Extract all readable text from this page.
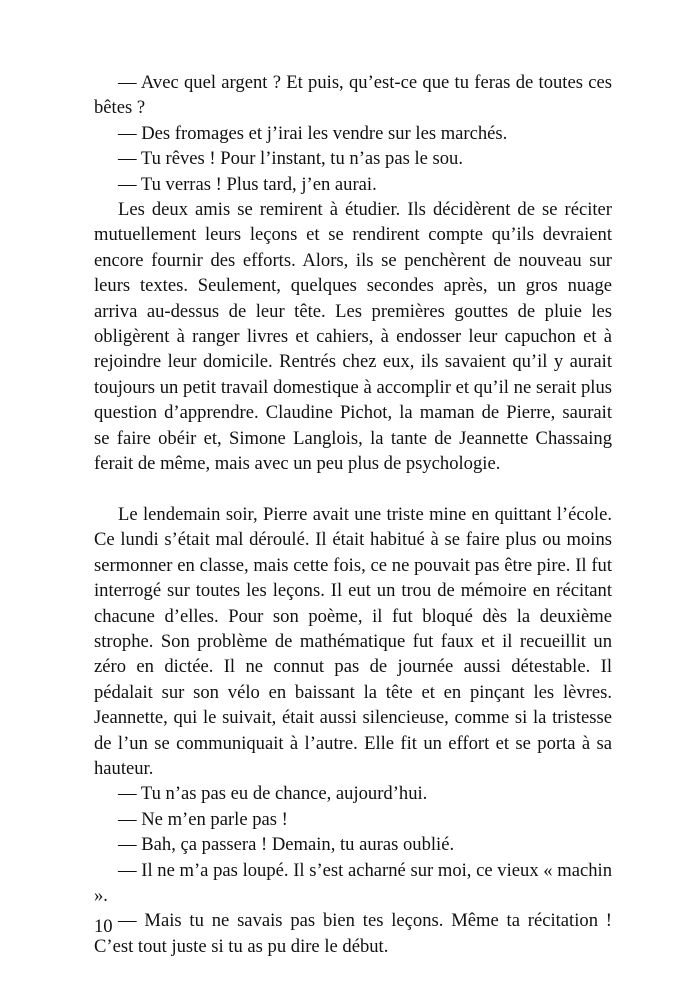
— Avec quel argent ? Et puis, qu’est-ce que tu feras de toutes ces bêtes ?

— Des fromages et j’irai les vendre sur les marchés.

— Tu rêves ! Pour l’instant, tu n’as pas le sou.

— Tu verras ! Plus tard, j’en aurai.

Les deux amis se remirent à étudier. Ils décidèrent de se réciter mutuellement leurs leçons et se rendirent compte qu’ils devraient encore fournir des efforts. Alors, ils se penchèrent de nouveau sur leurs textes. Seulement, quelques secondes après, un gros nuage arriva au-dessus de leur tête. Les premières gouttes de pluie les obligèrent à ranger livres et cahiers, à endosser leur capuchon et à rejoindre leur domicile. Rentrés chez eux, ils savaient qu’il y aurait toujours un petit travail domestique à accomplir et qu’il ne serait plus question d’apprendre. Claudine Pichot, la maman de Pierre, saurait se faire obéir et, Simone Langlois, la tante de Jeannette Chassaing ferait de même, mais avec un peu plus de psychologie.

Le lendemain soir, Pierre avait une triste mine en quittant l’école. Ce lundi s’était mal déroulé. Il était habitué à se faire plus ou moins sermonner en classe, mais cette fois, ce ne pouvait pas être pire. Il fut interrogé sur toutes les leçons. Il eut un trou de mémoire en récitant chacune d’elles. Pour son poème, il fut bloqué dès la deuxième strophe. Son problème de mathématique fut faux et il recueillit un zéro en dictée. Il ne connut pas de journée aussi détestable. Il pédalait sur son vélo en baissant la tête et en pinçant les lèvres. Jeannette, qui le suivait, était aussi silencieuse, comme si la tristesse de l’un se communiquait à l’autre. Elle fit un effort et se porta à sa hauteur.

— Tu n’as pas eu de chance, aujourd’hui.

— Ne m’en parle pas !

— Bah, ça passera ! Demain, tu auras oublié.

— Il ne m’a pas loupé. Il s’est acharné sur moi, ce vieux « machin ».

— Mais tu ne savais pas bien tes leçons. Même ta récitation ! C’est tout juste si tu as pu dire le début.

10
